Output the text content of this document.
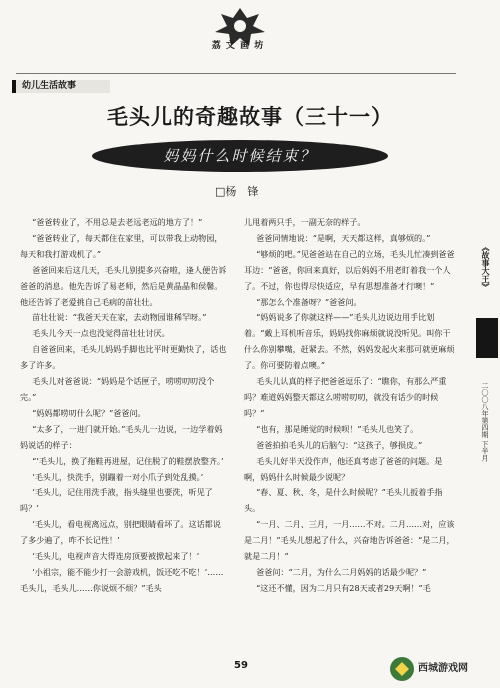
荔 文 画 坊
幼儿生活故事
毛头儿的奇趣故事（三十一）
妈妈什么时候结束？
□杨　锋

“爸爸转业了，不用总是去老远老远的地方了！”

“爸爸转业了，每天都住在家里，可以带我上动物园，每天和我打游戏机了。”

爸爸回来后这几天，毛头儿别提多兴奋啦，逢人便告诉爸爸的消息。他先告诉了易老师，然后是黄晶晶和侯馨。他还告诉了老爱挑自己毛病的苗壮壮。

苗壮壮说：“我爸天天在家，去动物园谁稀罕呀。”

毛头儿今天一点也没觉得苗壮壮讨厌。

自爸爸回来，毛头儿妈妈手脚也比平时更勤快了，话也多了许多。

毛头儿对爸爸说：“妈妈是个话匣子，唠唠叨叨没个完。”

“妈妈都唠叨什么呢？”爸爸问。

“太多了，一进门就开始。”毛头儿一边说，一边学着妈妈说话的样子：

“‘毛头儿，换了拖鞋再进屋，记住脱了的鞋摆放整齐。’

‘毛头儿，快洗手，别蹦着一对小爪子到处乱摸。’

‘毛头儿，记住用洗手液，指头缝里也要洗，听见了吗？’

‘毛头儿，看电视离远点，别把眼睛看坏了。这话都说了多少遍了，咋不长记性！’

‘毛头儿，电视声音大得连房顶要被掀起来了！’

‘小祖宗，能不能少打一会游戏机，饭还吃不吃！’……毛头儿，毛头儿……你说烦不烦？”毛头

儿甩着两只手，一副无奈的样子。

爸爸同情地说：“是啊，天天都这样，真够烦的。”

“够烦的吧。”见爸爸站在自己的立场，毛头儿忙凑到爸爸耳边：“爸爸，你回来真好，以后妈妈不用老盯着我一个人了。不过，你也得尽快适应，早有思想准备才行噢！”

“那怎么个准备呀？”爸爸问。

“妈妈说多了你就这样——”毛头儿边说边用手比划着。“戴上耳机听音乐，妈妈找你麻烦就说没听见。叫你干什么你别攀嘴，赶紧去。不然，妈妈发起火来那可就更麻烦了。你可要防着点噢。”

毛头儿认真的样子把爸爸逗乐了：“瞧你，有那么严重吗？难道妈妈整天都这么唠唠叨叨，就没有话少的时候吗？”

“也有，那是睡觉的时候呗！”毛头儿也笑了。

爸爸拍拍毛头儿的后脑勺：“这孩子，够损皮。”

毛头儿好半天没作声，他还真考虑了爸爸的问题。是啊，妈妈什么时候最少说呢？

“春、夏、秋、冬，是什么时候呢？”毛头儿扳着手指头。

“一月、二月、三月，一月……不对。二月……对，应该是二月！”毛头儿想起了什么，兴奋地告诉爸爸：“是二月，就是二月！”

爸爸问：“二月，为什么二月妈妈的话最少呢？”

“这还不懂，因为二月只有28天或者29天啊！”毛

《故事大王》
二〇〇八年第四期 下半月
59	西城游戏网
